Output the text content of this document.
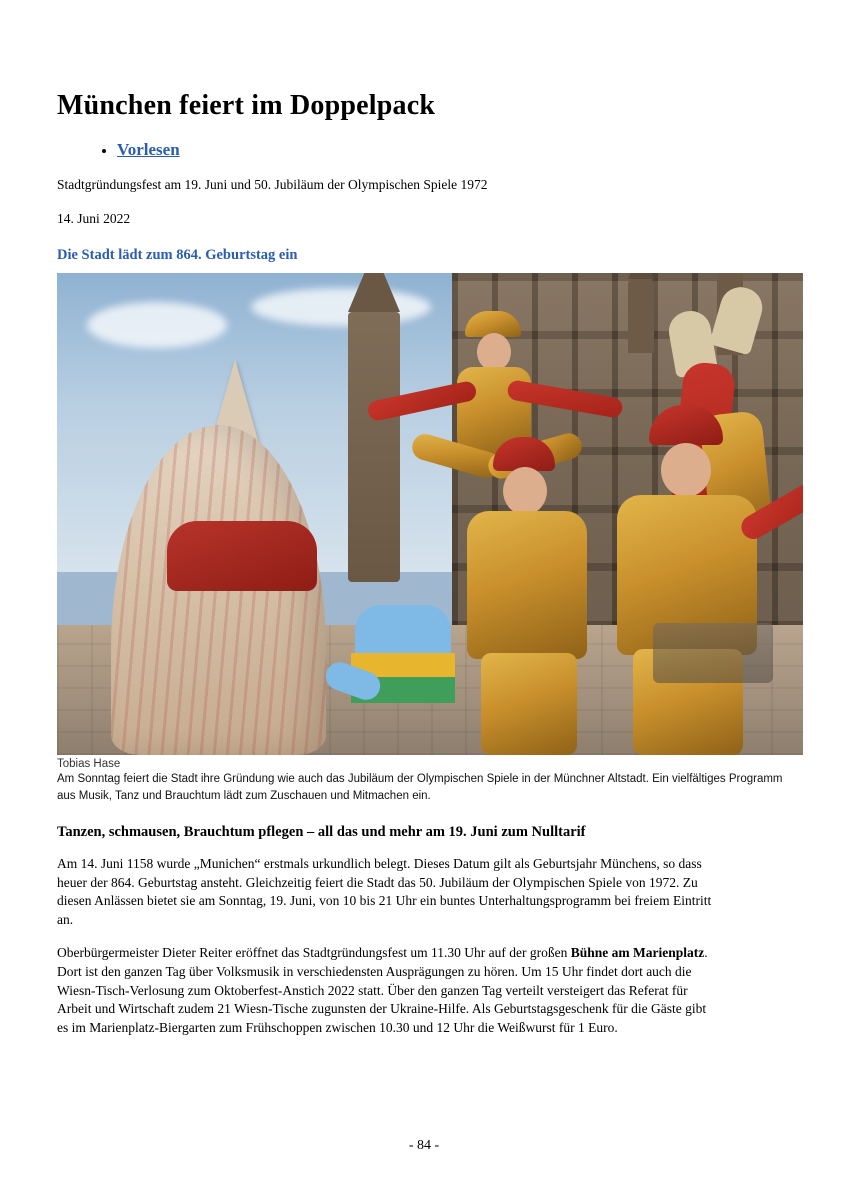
München feiert im Doppelpack
• Vorlesen

Stadtgründungsfest am 19. Juni und 50. Jubiläum der Olympischen Spiele 1972

14. Juni 2022

Die Stadt lädt zum 864. Geburtstag ein

Tobias Hase

Am Sonntag feiert die Stadt ihre Gründung wie auch das Jubiläum der Olympischen Spiele in der Münchner Altstadt. Ein vielfältiges Programm aus Musik, Tanz und Brauchtum lädt zum Zuschauen und Mitmachen ein.

Tanzen, schmausen, Brauchtum pflegen – all das und mehr am 19. Juni zum Nulltarif

Am 14. Juni 1158 wurde „Munichen“ erstmals urkundlich belegt. Dieses Datum gilt als Geburtsjahr Münchens, so dass heuer der 864. Geburtstag ansteht. Gleichzeitig feiert die Stadt das 50. Jubiläum der Olympischen Spiele von 1972. Zu diesen Anlässen bietet sie am Sonntag, 19. Juni, von 10 bis 21 Uhr ein buntes Unterhaltungsprogramm bei freiem Eintritt an.

Oberbürgermeister Dieter Reiter eröffnet das Stadtgründungsfest um 11.30 Uhr auf der großen Bühne am Marienplatz. Dort ist den ganzen Tag über Volksmusik in verschiedensten Ausprägungen zu hören. Um 15 Uhr findet dort auch die Wiesn-Tisch-Verlosung zum Oktoberfest-Anstich 2022 statt. Über den ganzen Tag verteilt versteigert das Referat für Arbeit und Wirtschaft zudem 21 Wiesn-Tische zugunsten der Ukraine-Hilfe. Als Geburtstagsgeschenk für die Gäste gibt es im Marienplatz-Biergarten zum Frühschoppen zwischen 10.30 und 12 Uhr die Weißwurst für 1 Euro.

- 84 -
